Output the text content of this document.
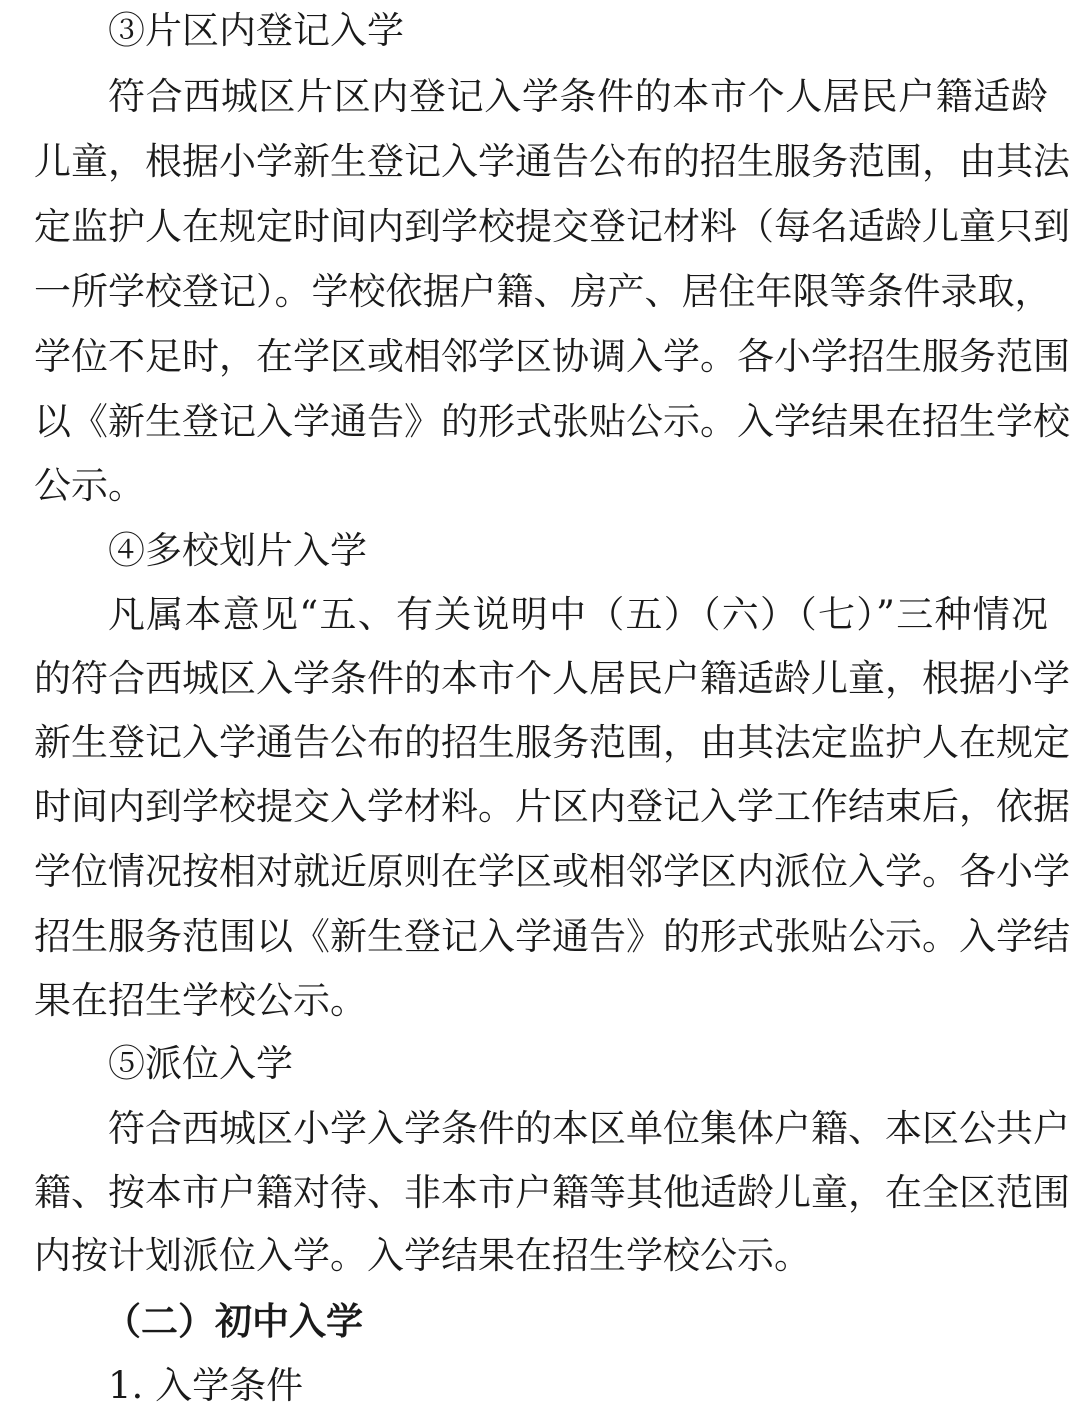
③片区内登记入学
符合西城区片区内登记入学条件的本市个人居民户籍适龄
儿童，根据小学新生登记入学通告公布的招生服务范围，由其法
定监护人在规定时间内到学校提交登记材料（每名适龄儿童只到
一所学校登记）。学校依据户籍、房产、居住年限等条件录取，
学位不足时，在学区或相邻学区协调入学。各小学招生服务范围
以《新生登记入学通告》的形式张贴公示。入学结果在招生学校
公示。
④多校划片入学
凡属本意见“五、有关说明中（五）（六）（七）”三种情况
的符合西城区入学条件的本市个人居民户籍适龄儿童，根据小学
新生登记入学通告公布的招生服务范围，由其法定监护人在规定
时间内到学校提交入学材料。片区内登记入学工作结束后，依据
学位情况按相对就近原则在学区或相邻学区内派位入学。各小学
招生服务范围以《新生登记入学通告》的形式张贴公示。入学结
果在招生学校公示。
⑤派位入学
符合西城区小学入学条件的本区单位集体户籍、本区公共户
籍、按本市户籍对待、非本市户籍等其他适龄儿童，在全区范围
内按计划派位入学。入学结果在招生学校公示。
（二）初中入学
1. 入学条件
